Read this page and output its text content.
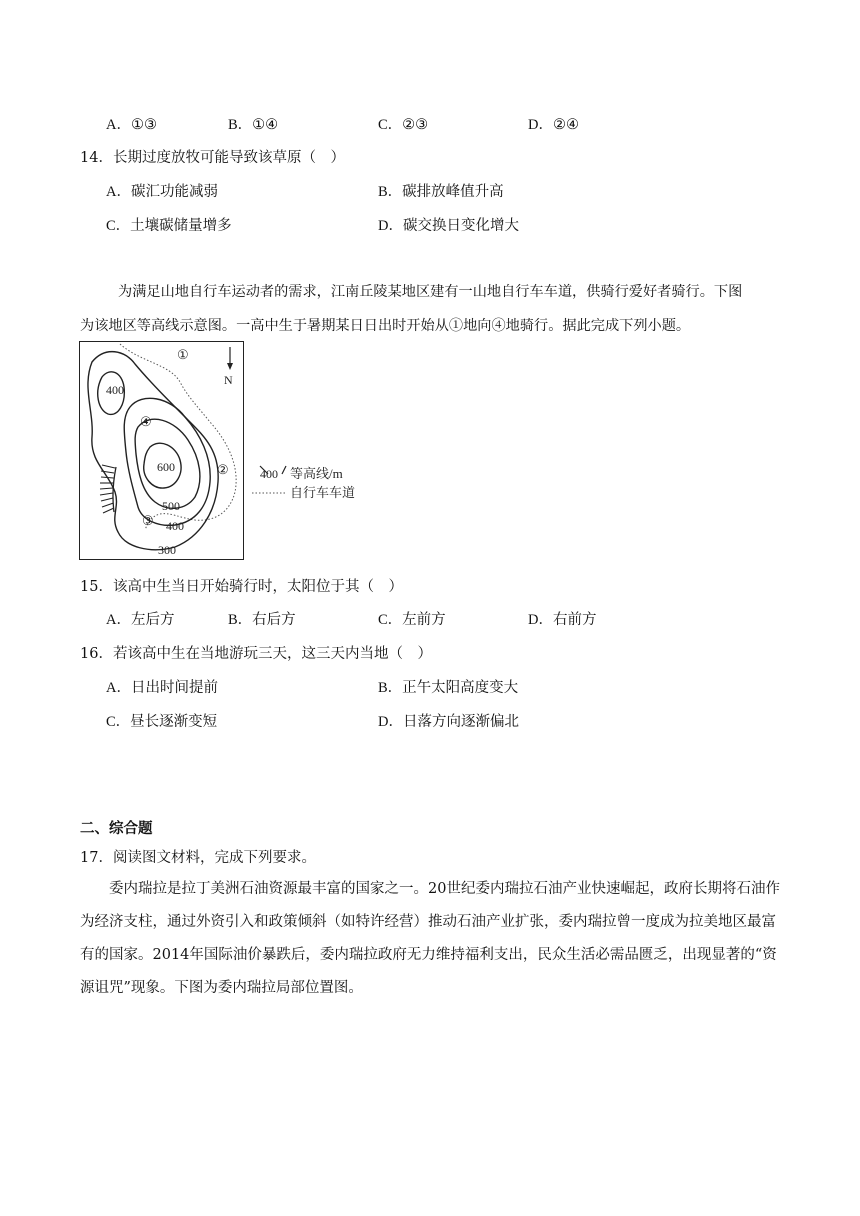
A．①③	B．①④	C．②③	D．②④
14．长期过度放牧可能导致该草原（　）
A．碳汇功能减弱	B．碳排放峰值升高
C．土壤碳储量增多	D．碳交换日变化增大
为满足山地自行车运动者的需求，江南丘陵某地区建有一山地自行车车道，供骑行爱好者骑行。下图
为该地区等高线示意图。一高中生于暑期某日日出时开始从①地向④地骑行。据此完成下列小题。
N
①
②
③
④
400
600
500
400
300
400 等高线/m
自行车车道
15．该高中生当日开始骑行时，太阳位于其（　）
A．左后方	B．右后方	C．左前方	D．右前方
16．若该高中生在当地游玩三天，这三天内当地（　）
A．日出时间提前	B．正午太阳高度变大
C．昼长逐渐变短	D．日落方向逐渐偏北
二、综合题
17．阅读图文材料，完成下列要求。

委内瑞拉是拉丁美洲石油资源最丰富的国家之一。20世纪委内瑞拉石油产业快速崛起，政府长期将石油作为经济支柱，通过外资引入和政策倾斜（如特许经营）推动石油产业扩张，委内瑞拉曾一度成为拉美地区最富有的国家。2014年国际油价暴跌后，委内瑞拉政府无力维持福利支出，民众生活必需品匮乏，出现显著的“资源诅咒”现象。下图为委内瑞拉局部位置图。
